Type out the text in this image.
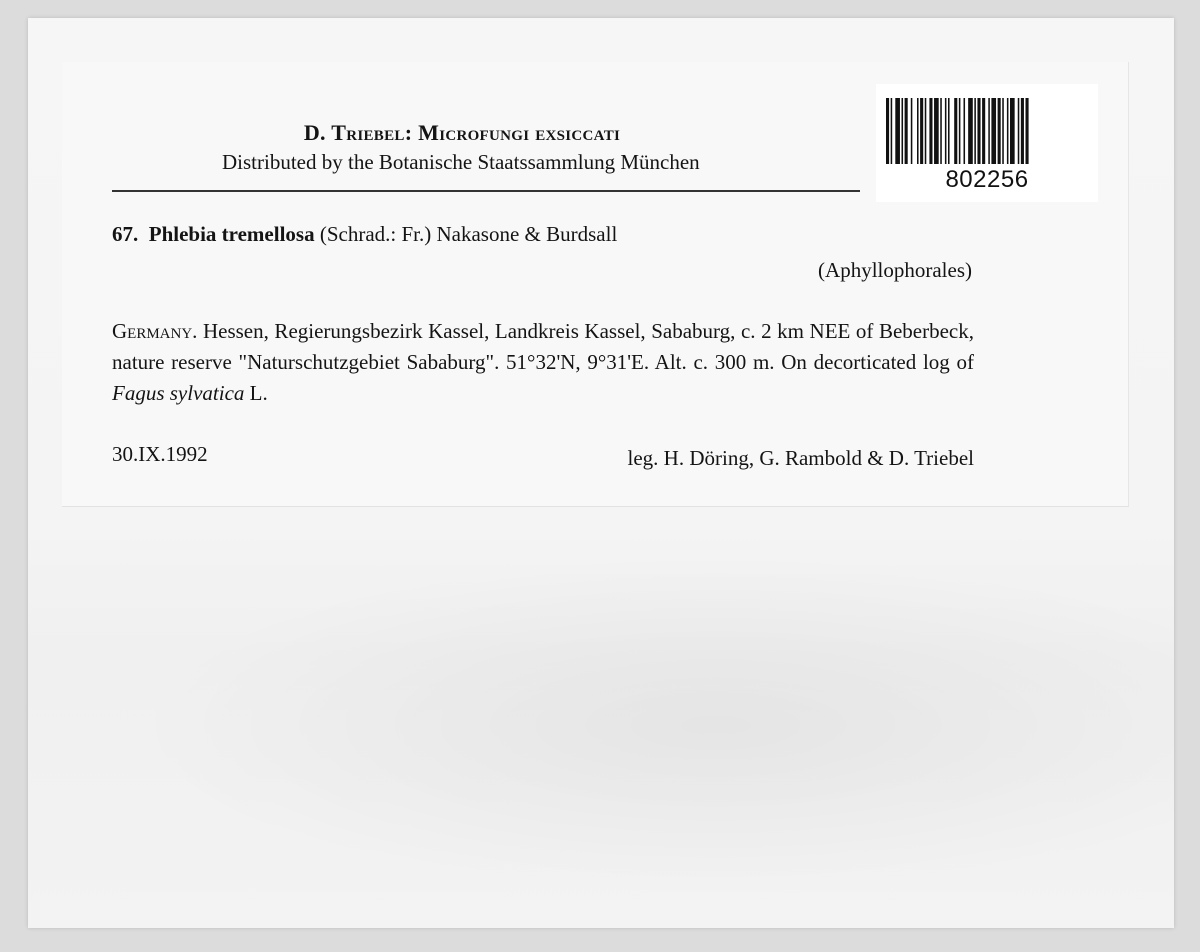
D. Triebel: Microfungi exsiccati
Distributed by the Botanische Staatssammlung München
802256
67. Phlebia tremellosa (Schrad.: Fr.) Nakasone & Burdsall
(Aphyllophorales)
Germany. Hessen, Regierungsbezirk Kassel, Landkreis Kassel, Sababurg, c. 2 km NEE of Beberbeck, nature reserve "Naturschutzgebiet Sababurg". 51°32'N, 9°31'E. Alt. c. 300 m. On decorticated log of Fagus sylvatica L.
30.IX.1992	leg. H. Döring, G. Rambold & D. Triebel
